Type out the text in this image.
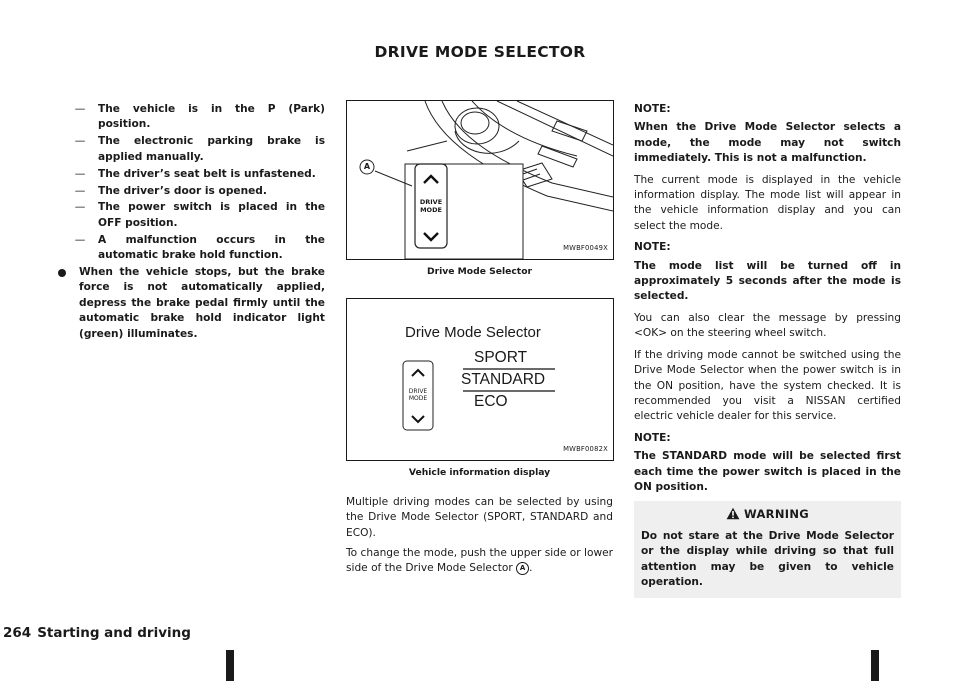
DRIVE MODE SELECTOR
—	The vehicle is in the P (Park) position.
—	The electronic parking brake is applied manually.
—	The driver’s seat belt is unfastened.
—	The driver’s door is opened.
—	The power switch is placed in the OFF position.
—	A malfunction occurs in the automatic brake hold function.
When the vehicle stops, but the brake force is not automatically applied, depress the brake pedal firmly until the automatic brake hold indicator light (green) illuminates.
A
DRIVE
MODE
MWBF0049X
Drive Mode Selector
Drive Mode Selector
DRIVE
MODE
SPORT
STANDARD
ECO
MWBF0082X
Vehicle information display

Multiple driving modes can be selected by using the Drive Mode Selector (SPORT, STANDARD and ECO).

To change the mode, push the upper side or lower side of the Drive Mode Selector A .

NOTE:

When the Drive Mode Selector selects a mode, the mode may not switch immediately. This is not a malfunction.

The current mode is displayed in the vehicle information display. The mode list will appear in the vehicle information display and you can select the mode.

NOTE:

The mode list will be turned off in approximately 5 seconds after the mode is selected.

You can also clear the message by pressing <OK> on the steering wheel switch.

If the driving mode cannot be switched using the Drive Mode Selector when the power switch is in the ON position, have the system checked. It is recommended you visit a NISSAN certified electric vehicle dealer for this service.

NOTE:

The STANDARD mode will be selected first each time the power switch is placed in the ON position.

WARNING
Do not stare at the Drive Mode Selector or the display while driving so that full attention may be given to vehicle operation.
264 Starting and driving
